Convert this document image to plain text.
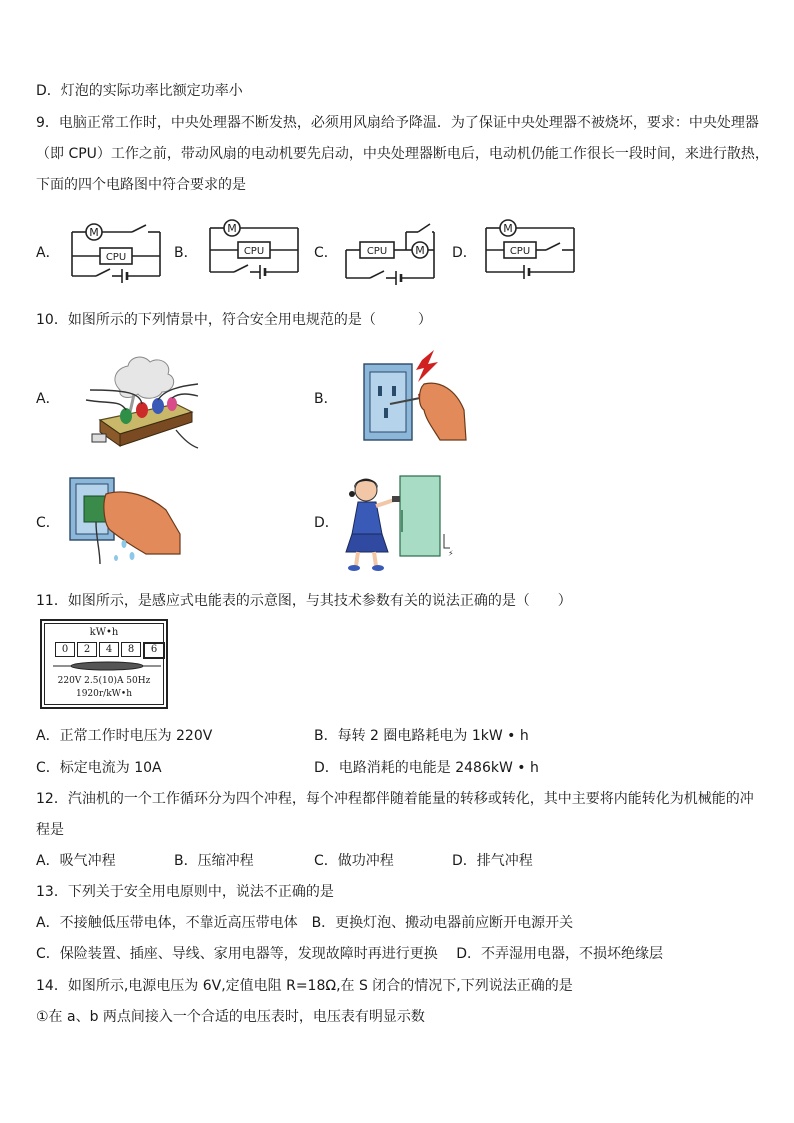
D．灯泡的实际功率比额定功率小
9．电脑正常工作时，中央处理器不断发热，必须用风扇给予降温．为了保证中央处理器不被烧坏，要求：中央处理器
（即 CPU）工作之前，带动风扇的电动机要先启动，中央处理器断电后，电动机仍能工作很长一段时间，来进行散热，
下面的四个电路图中符合要求的是
A．	B．	C．	D．
M
CPU
M
CPU	CPU	M
M
CPU
10．如图所示的下列情景中，符合安全用电规范的是（　　　）
A．	B．
C．	D．
⚡
11．如图所示，是感应式电能表的示意图，与其技术参数有关的说法正确的是（　　）
kW•h
0	2	4	8	6
220V 2.5(10)A 50Hz
1920r/kW•h
A．正常工作时电压为 220V	B．每转 2 圈电路耗电为 1kW • h
C．标定电流为 10A	D．电路消耗的电能是 2486kW • h
12．汽油机的一个工作循环分为四个冲程，每个冲程都伴随着能量的转移或转化，其中主要将内能转化为机械能的冲
程是
A．吸气冲程	B．压缩冲程	C．做功冲程	D．排气冲程
13．下列关于安全用电原则中，说法不正确的是
A．不接触低压带电体，不靠近高压带电体　B．更换灯泡、搬动电器前应断开电源开关
C．保险装置、插座、导线、家用电器等，发现故障时再进行更换　 D．不弄湿用电器，不损坏绝缘层
14．如图所示,电源电压为 6V,定值电阻 R=18Ω,在 S 闭合的情况下,下列说法正确的是
①在 a、b 两点间接入一个合适的电压表时，电压表有明显示数
